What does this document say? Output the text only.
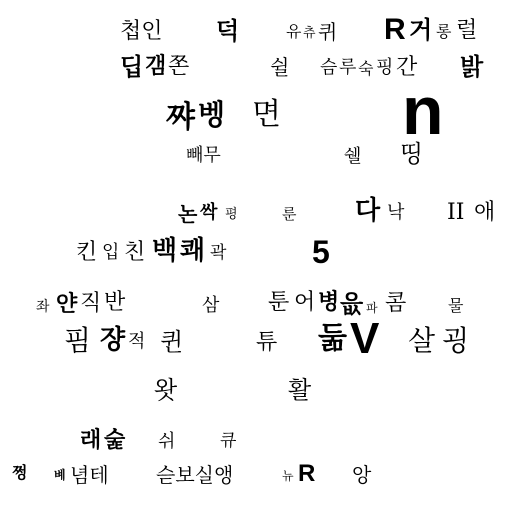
첩인 덕	유 츄 퀴 R 거 롱 럴
딥 갬 쫀	쉴 슴 루 숙 핑 간 밝
쨔 벵 면 n
빼무	쉘 띵
논 싹 평	룬 다 낙 II 애
킨 입 친 백 쾌 곽	5
좌 얀 직 반	삼 툰 어 병 읎 파 콤	물
핌 쟝 적 퀸	튜 둚 V 살 굉
왓	활
래 숥 쉬	큐
쩡 볘 념테 슫보실앵	뉴 R 앙
